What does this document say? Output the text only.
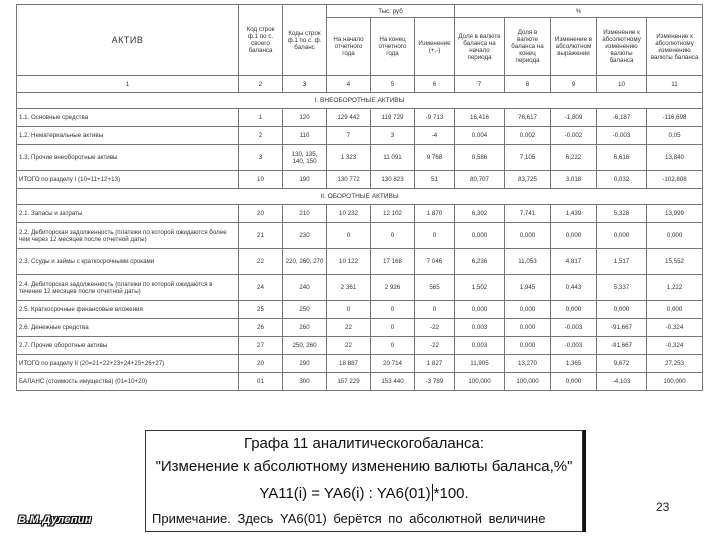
АКТИВ	Код строк ф.1 по с. своего баланса	Коды строк ф.1 по с. ф. баланс	Тыс. руб			%				
			На начало отчетного года	На конец отчетного года	Изменение (+,-)	Доля в валюте баланса на начало периода	Доля в валюте баланса на конец периода	Изменение в абсолютном выражении	Изменение к абсолютному изменению валюты баланса	Изменение к абсолютному изменению валюты баланса
1	2	3	4	5	6	7	8	9	10	11
I. ВНЕОБОРОТНЫЕ АКТИВЫ										
1.1. Основные средства	1	120	129 442	119 729	-9 713	16,416	76,617	-1,809	-6,187	-116,698
1.2. Нематериальные активы	2	110	7	3	-4	0,004	0,002	-0,002	-0,003	0,05
1.3. Прочие внеоборотные активы	3	130, 135, 140, 150	1 323	11 091	9 768	0,586	7,105	6,222	6,616	13,840
ИТОГО по разделу I (10=11+12+13)	10	190	130 772	130 823	51	80,707	83,725	3,018	0,032	-102,808
II. ОБОРОТНЫЕ АКТИВЫ										
2.1. Запасы и затраты	20	210	10 232	12 102	1 870	6,302	7,741	1,439	5,328	13,999
2.2. Дебиторская задолженность (платежи по которой ожидаются более чем через 12 месяцев после отчетной даты)	21	230	0	0	0	0,000	0,000	0,000	0,000	0,000
2.3. Ссуды и займы с краткосрочными сроками	22	220, 260, 270	10 122	17 168	7 046	6,236	11,053	4,817	1,517	15,552
2.4. Дебиторская задолженность (платежи по которой ожидаются в течение 12 месяцев после отчетной даты)	24	240	2 361	2 926	565	1,502	1,945	0,443	5,337	1,222
2.5. Краткосрочные финансовые вложения	25	250	0	0	0	0,000	0,000	0,000	0,000	0,000
2.6. Денежные средства	26	260	22	0	-22	0,003	0,000	-0,003	-91,667	-0,324
2.7. Прочие оборотные активы	27	250, 260	22	0	-22	0,003	0,000	-0,003	-91,667	-0,324
ИТОГО по разделу II (20=21+22+23+24+25+26+27)	20	290	18 887	20 714	1 827	11,905	13,270	1,365	9,672	27,253
БАЛАНС (стоимость имущества) (01=10+20)	01	300	157 229	153 440	-3 789	100,000	100,000	0,000	-4,103	100,000
Графа 11 аналитическогобаланса:
"Изменение к абсолютному изменению валюты баланса,%"
YA11(i) = YA6(i) : YA6(01) *100.
Примечание. Здесь YA6(01) берётся по абсолютной величине
23
В.М.Дулепин
